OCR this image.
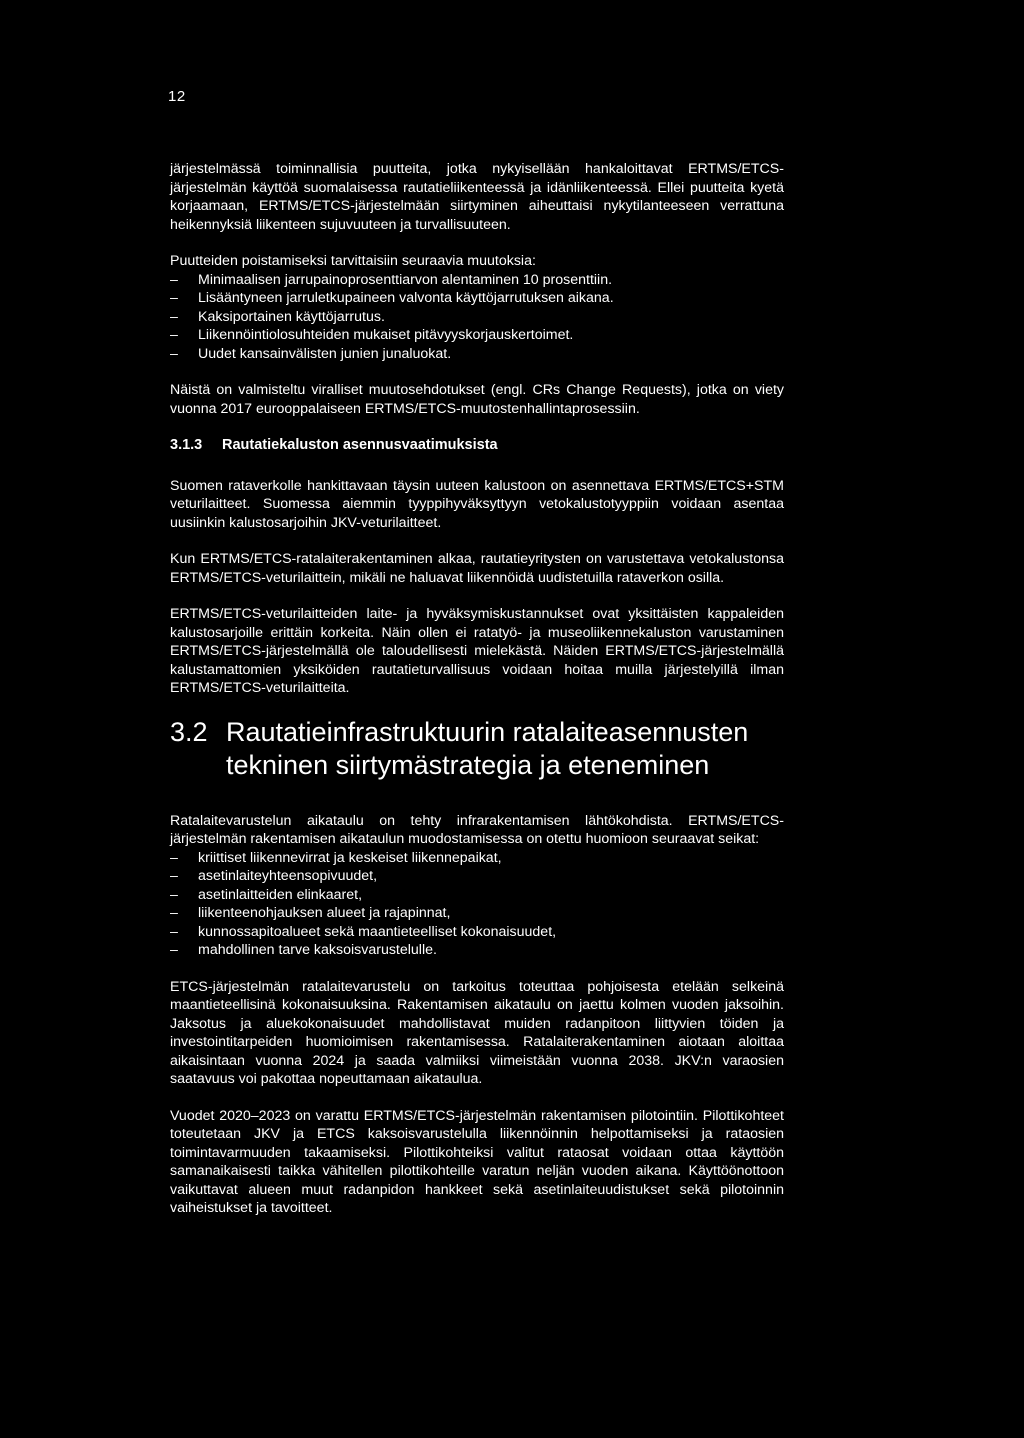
12

järjestelmässä toiminnallisia puutteita, jotka nykyisellään hankaloittavat ERTMS/ETCS-järjestelmän käyttöä suomalaisessa rautatieliikenteessä ja idänliikenteessä. Ellei puutteita kyetä korjaamaan, ERTMS/ETCS-järjestelmään siirtyminen aiheuttaisi nykytilanteeseen verrattuna heikennyksiä liikenteen sujuvuuteen ja turvallisuuteen.

Puutteiden poistamiseksi tarvittaisiin seuraavia muutoksia:

– Minimaalisen jarrupainoprosenttiarvon alentaminen 10 prosenttiin.
– Lisääntyneen jarruletkupaineen valvonta käyttöjarrutuksen aikana.
– Kaksiportainen käyttöjarrutus.
– Liikennöintiolosuhteiden mukaiset pitävyyskorjauskertoimet.
– Uudet kansainvälisten junien junaluokat.

Näistä on valmisteltu viralliset muutosehdotukset (engl. CRs Change Requests), jotka on viety vuonna 2017 eurooppalaiseen ERTMS/ETCS-muutostenhallintaprosessiin.

3.1.3 Rautatiekaluston asennusvaatimuksista

Suomen rataverkolle hankittavaan täysin uuteen kalustoon on asennettava ERTMS/ETCS+STM veturilaitteet. Suomessa aiemmin tyyppihyväksyttyyn vetokalustotyyppiin voidaan asentaa uusiinkin kalustosarjoihin JKV-veturilaitteet.

Kun ERTMS/ETCS-ratalaiterakentaminen alkaa, rautatieyritysten on varustettava vetokalustonsa ERTMS/ETCS-veturilaittein, mikäli ne haluavat liikennöidä uudistetuilla rataverkon osilla.

ERTMS/ETCS-veturilaitteiden laite- ja hyväksymiskustannukset ovat yksittäisten kappaleiden kalustosarjoille erittäin korkeita. Näin ollen ei ratatyö- ja museoliikennekaluston varustaminen ERTMS/ETCS-järjestelmällä ole taloudellisesti mielekästä. Näiden ERTMS/ETCS-järjestelmällä kalustamattomien yksiköiden rautatieturvallisuus voidaan hoitaa muilla järjestelyillä ilman ERTMS/ETCS-veturilaitteita.

3.2 Rautatieinfrastruktuurin ratalaiteasennusten
tekninen siirtymästrategia ja eteneminen

Ratalaitevarustelun aikataulu on tehty infrarakentamisen lähtökohdista. ERTMS/ETCS-järjestelmän rakentamisen aikataulun muodostamisessa on otettu huomioon seuraavat seikat:

– kriittiset liikennevirrat ja keskeiset liikennepaikat,
– asetinlaiteyhteensopivuudet,
– asetinlaitteiden elinkaaret,
– liikenteenohjauksen alueet ja rajapinnat,
– kunnossapitoalueet sekä maantieteelliset kokonaisuudet,
– mahdollinen tarve kaksoisvarustelulle.

ETCS-järjestelmän ratalaitevarustelu on tarkoitus toteuttaa pohjoisesta etelään selkeinä maantieteellisinä kokonaisuuksina. Rakentamisen aikataulu on jaettu kolmen vuoden jaksoihin. Jaksotus ja aluekokonaisuudet mahdollistavat muiden radanpitoon liittyvien töiden ja investointitarpeiden huomioimisen rakentamisessa. Ratalaiterakentaminen aiotaan aloittaa aikaisintaan vuonna 2024 ja saada valmiiksi viimeistään vuonna 2038. JKV:n varaosien saatavuus voi pakottaa nopeuttamaan aikataulua.

Vuodet 2020–2023 on varattu ERTMS/ETCS-järjestelmän rakentamisen pilotointiin. Pilottikohteet toteutetaan JKV ja ETCS kaksoisvarustelulla liikennöinnin helpottamiseksi ja rataosien toimintavarmuuden takaamiseksi. Pilottikohteiksi valitut rataosat voidaan ottaa käyttöön samanaikaisesti taikka vähitellen pilottikohteille varatun neljän vuoden aikana. Käyttöönottoon vaikuttavat alueen muut radanpidon hankkeet sekä asetinlaiteuudistukset sekä pilotoinnin vaiheistukset ja tavoitteet.
